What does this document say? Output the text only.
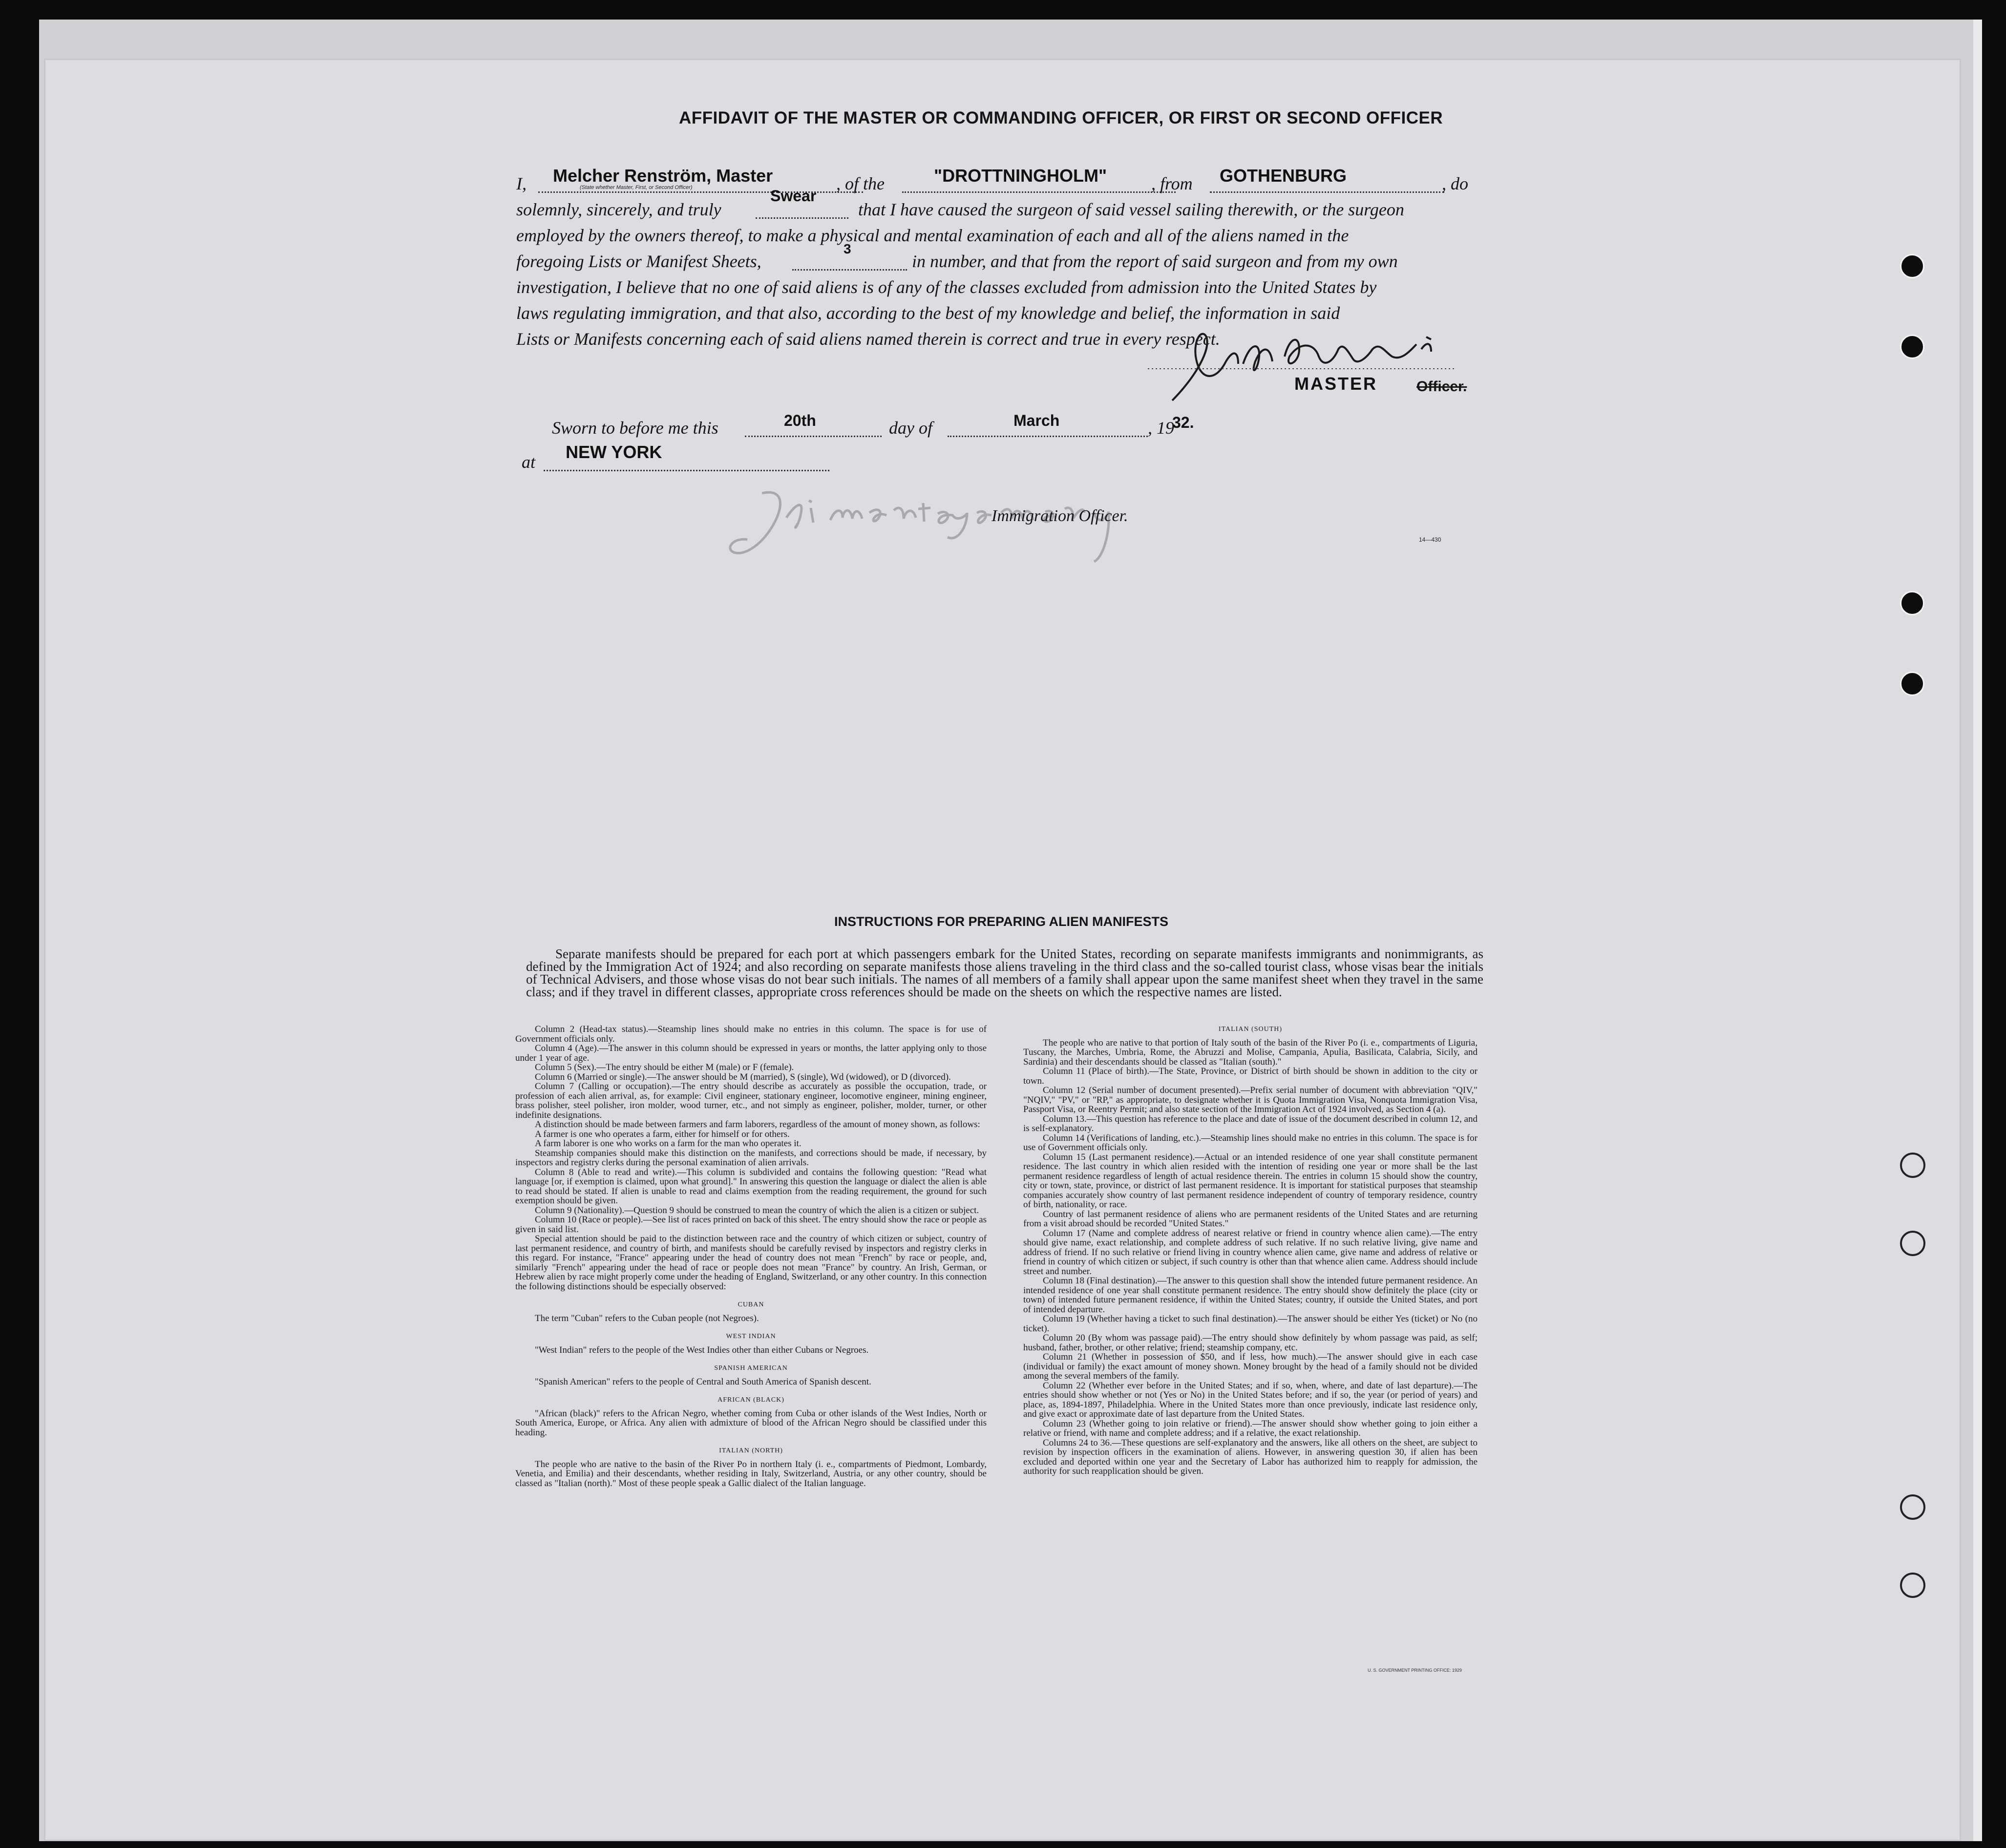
AFFIDAVIT OF THE MASTER OR COMMANDING OFFICER, OR FIRST OR SECOND OFFICER
I, Melcher Renström, Master	, of the	"DROTTNINGHOLM"	, from GOTHENBURG	, do
(State whether Master, First, or Second Officer)
solemnly, sincerely, and truly
Swear
that I have caused the surgeon of said vessel sailing therewith, or the surgeon
employed by the owners thereof, to make a physical and mental examination of each and all of the aliens named in the
foregoing Lists or Manifest Sheets,
3
in number, and that from the report of said surgeon and from my own
investigation, I believe that no one of said aliens is of any of the classes excluded from admission into the United States by
laws regulating immigration, and that also, according to the best of my knowledge and belief, the information in said
Lists or Manifests concerning each of said aliens named therein is correct and true in every respect.
MASTER	Officer.
Sworn to before me this	20th	day of	March	, 19
32.
at NEW YORK
Immigration Officer.
14—430
INSTRUCTIONS FOR PREPARING ALIEN MANIFESTS
Separate manifests should be prepared for each port at which passengers embark for the United States, recording on separate manifests immigrants and nonimmigrants, as defined by the Immigration Act of 1924; and also recording on separate manifests those aliens traveling in the third class and the so-called tourist class, whose visas bear the initials of Technical Advisers, and those whose visas do not bear such initials. The names of all members of a family shall appear upon the same manifest sheet when they travel in the same class; and if they travel in different classes, appropriate cross references should be made on the sheets on which the respective names are listed.

Column 2 (Head-tax status).—Steamship lines should make no entries in this column. The space is for use of Government officials only.

Column 4 (Age).—The answer in this column should be expressed in years or months, the latter applying only to those under 1 year of age.

Column 5 (Sex).—The entry should be either M (male) or F (female).

Column 6 (Married or single).—The answer should be M (married), S (single), Wd (widowed), or D (divorced).

Column 7 (Calling or occupation).—The entry should describe as accurately as possible the occupation, trade, or profession of each alien arrival, as, for example: Civil engineer, stationary engineer, locomotive engineer, mining engineer, brass polisher, steel polisher, iron molder, wood turner, etc., and not simply as engineer, polisher, molder, turner, or other indefinite designations.

A distinction should be made between farmers and farm laborers, regardless of the amount of money shown, as follows:

A farmer is one who operates a farm, either for himself or for others.

A farm laborer is one who works on a farm for the man who operates it.

Steamship companies should make this distinction on the manifests, and corrections should be made, if necessary, by inspectors and registry clerks during the personal examination of alien arrivals.

Column 8 (Able to read and write).—This column is subdivided and contains the following question: "Read what language [or, if exemption is claimed, upon what ground]." In answering this question the language or dialect the alien is able to read should be stated. If alien is unable to read and claims exemption from the reading requirement, the ground for such exemption should be given.

Column 9 (Nationality).—Question 9 should be construed to mean the country of which the alien is a citizen or subject.

Column 10 (Race or people).—See list of races printed on back of this sheet. The entry should show the race or people as given in said list.

Special attention should be paid to the distinction between race and the country of which citizen or subject, country of last permanent residence, and country of birth, and manifests should be carefully revised by inspectors and registry clerks in this regard. For instance, "France" appearing under the head of country does not mean "French" by race or people, and, similarly "French" appearing under the head of race or people does not mean "France" by country. An Irish, German, or Hebrew alien by race might properly come under the heading of England, Switzerland, or any other country. In this connection the following distinctions should be especially observed:

CUBAN

The term "Cuban" refers to the Cuban people (not Negroes).

WEST INDIAN

"West Indian" refers to the people of the West Indies other than either Cubans or Negroes.

SPANISH AMERICAN

"Spanish American" refers to the people of Central and South America of Spanish descent.

AFRICAN (BLACK)

"African (black)" refers to the African Negro, whether coming from Cuba or other islands of the West Indies, North or South America, Europe, or Africa. Any alien with admixture of blood of the African Negro should be classified under this heading.

ITALIAN (NORTH)

The people who are native to the basin of the River Po in northern Italy (i. e., compartments of Piedmont, Lombardy, Venetia, and Emilia) and their descendants, whether residing in Italy, Switzerland, Austria, or any other country, should be classed as "Italian (north)." Most of these people speak a Gallic dialect of the Italian language.

ITALIAN (SOUTH)

The people who are native to that portion of Italy south of the basin of the River Po (i. e., compartments of Liguria, Tuscany, the Marches, Umbria, Rome, the Abruzzi and Molise, Campania, Apulia, Basilicata, Calabria, Sicily, and Sardinia) and their descendants should be classed as "Italian (south)."

Column 11 (Place of birth).—The State, Province, or District of birth should be shown in addition to the city or town.

Column 12 (Serial number of document presented).—Prefix serial number of document with abbreviation "QIV," "NQIV," "PV," or "RP," as appropriate, to designate whether it is Quota Immigration Visa, Nonquota Immigration Visa, Passport Visa, or Reentry Permit; and also state section of the Immigration Act of 1924 involved, as Section 4 (a).

Column 13.—This question has reference to the place and date of issue of the document described in column 12, and is self-explanatory.

Column 14 (Verifications of landing, etc.).—Steamship lines should make no entries in this column. The space is for use of Government officials only.

Column 15 (Last permanent residence).—Actual or an intended residence of one year shall constitute permanent residence. The last country in which alien resided with the intention of residing one year or more shall be the last permanent residence regardless of length of actual residence therein. The entries in column 15 should show the country, city or town, state, province, or district of last permanent residence. It is important for statistical purposes that steamship companies accurately show country of last permanent residence independent of country of temporary residence, country of birth, nationality, or race.

Country of last permanent residence of aliens who are permanent residents of the United States and are returning from a visit abroad should be recorded "United States."

Column 17 (Name and complete address of nearest relative or friend in country whence alien came).—The entry should give name, exact relationship, and complete address of such relative. If no such relative living, give name and address of friend. If no such relative or friend living in country whence alien came, give name and address of relative or friend in country of which citizen or subject, if such country is other than that whence alien came. Address should include street and number.

Column 18 (Final destination).—The answer to this question shall show the intended future permanent residence. An intended residence of one year shall constitute permanent residence. The entry should show definitely the place (city or town) of intended future permanent residence, if within the United States; country, if outside the United States, and port of intended departure.

Column 19 (Whether having a ticket to such final destination).—The answer should be either Yes (ticket) or No (no ticket).

Column 20 (By whom was passage paid).—The entry should show definitely by whom passage was paid, as self; husband, father, brother, or other relative; friend; steamship company, etc.

Column 21 (Whether in possession of $50, and if less, how much).—The answer should give in each case (individual or family) the exact amount of money shown. Money brought by the head of a family should not be divided among the several members of the family.

Column 22 (Whether ever before in the United States; and if so, when, where, and date of last departure).—The entries should show whether or not (Yes or No) in the United States before; and if so, the year (or period of years) and place, as, 1894-1897, Philadelphia. Where in the United States more than once previously, indicate last residence only, and give exact or approximate date of last departure from the United States.

Column 23 (Whether going to join relative or friend).—The answer should show whether going to join either a relative or friend, with name and complete address; and if a relative, the exact relationship.

Columns 24 to 36.—These questions are self-explanatory and the answers, like all others on the sheet, are subject to revision by inspection officers in the examination of aliens. However, in answering question 30, if alien has been excluded and deported within one year and the Secretary of Labor has authorized him to reapply for admission, the authority for such reapplication should be given.

U. S. GOVERNMENT PRINTING OFFICE: 1929
